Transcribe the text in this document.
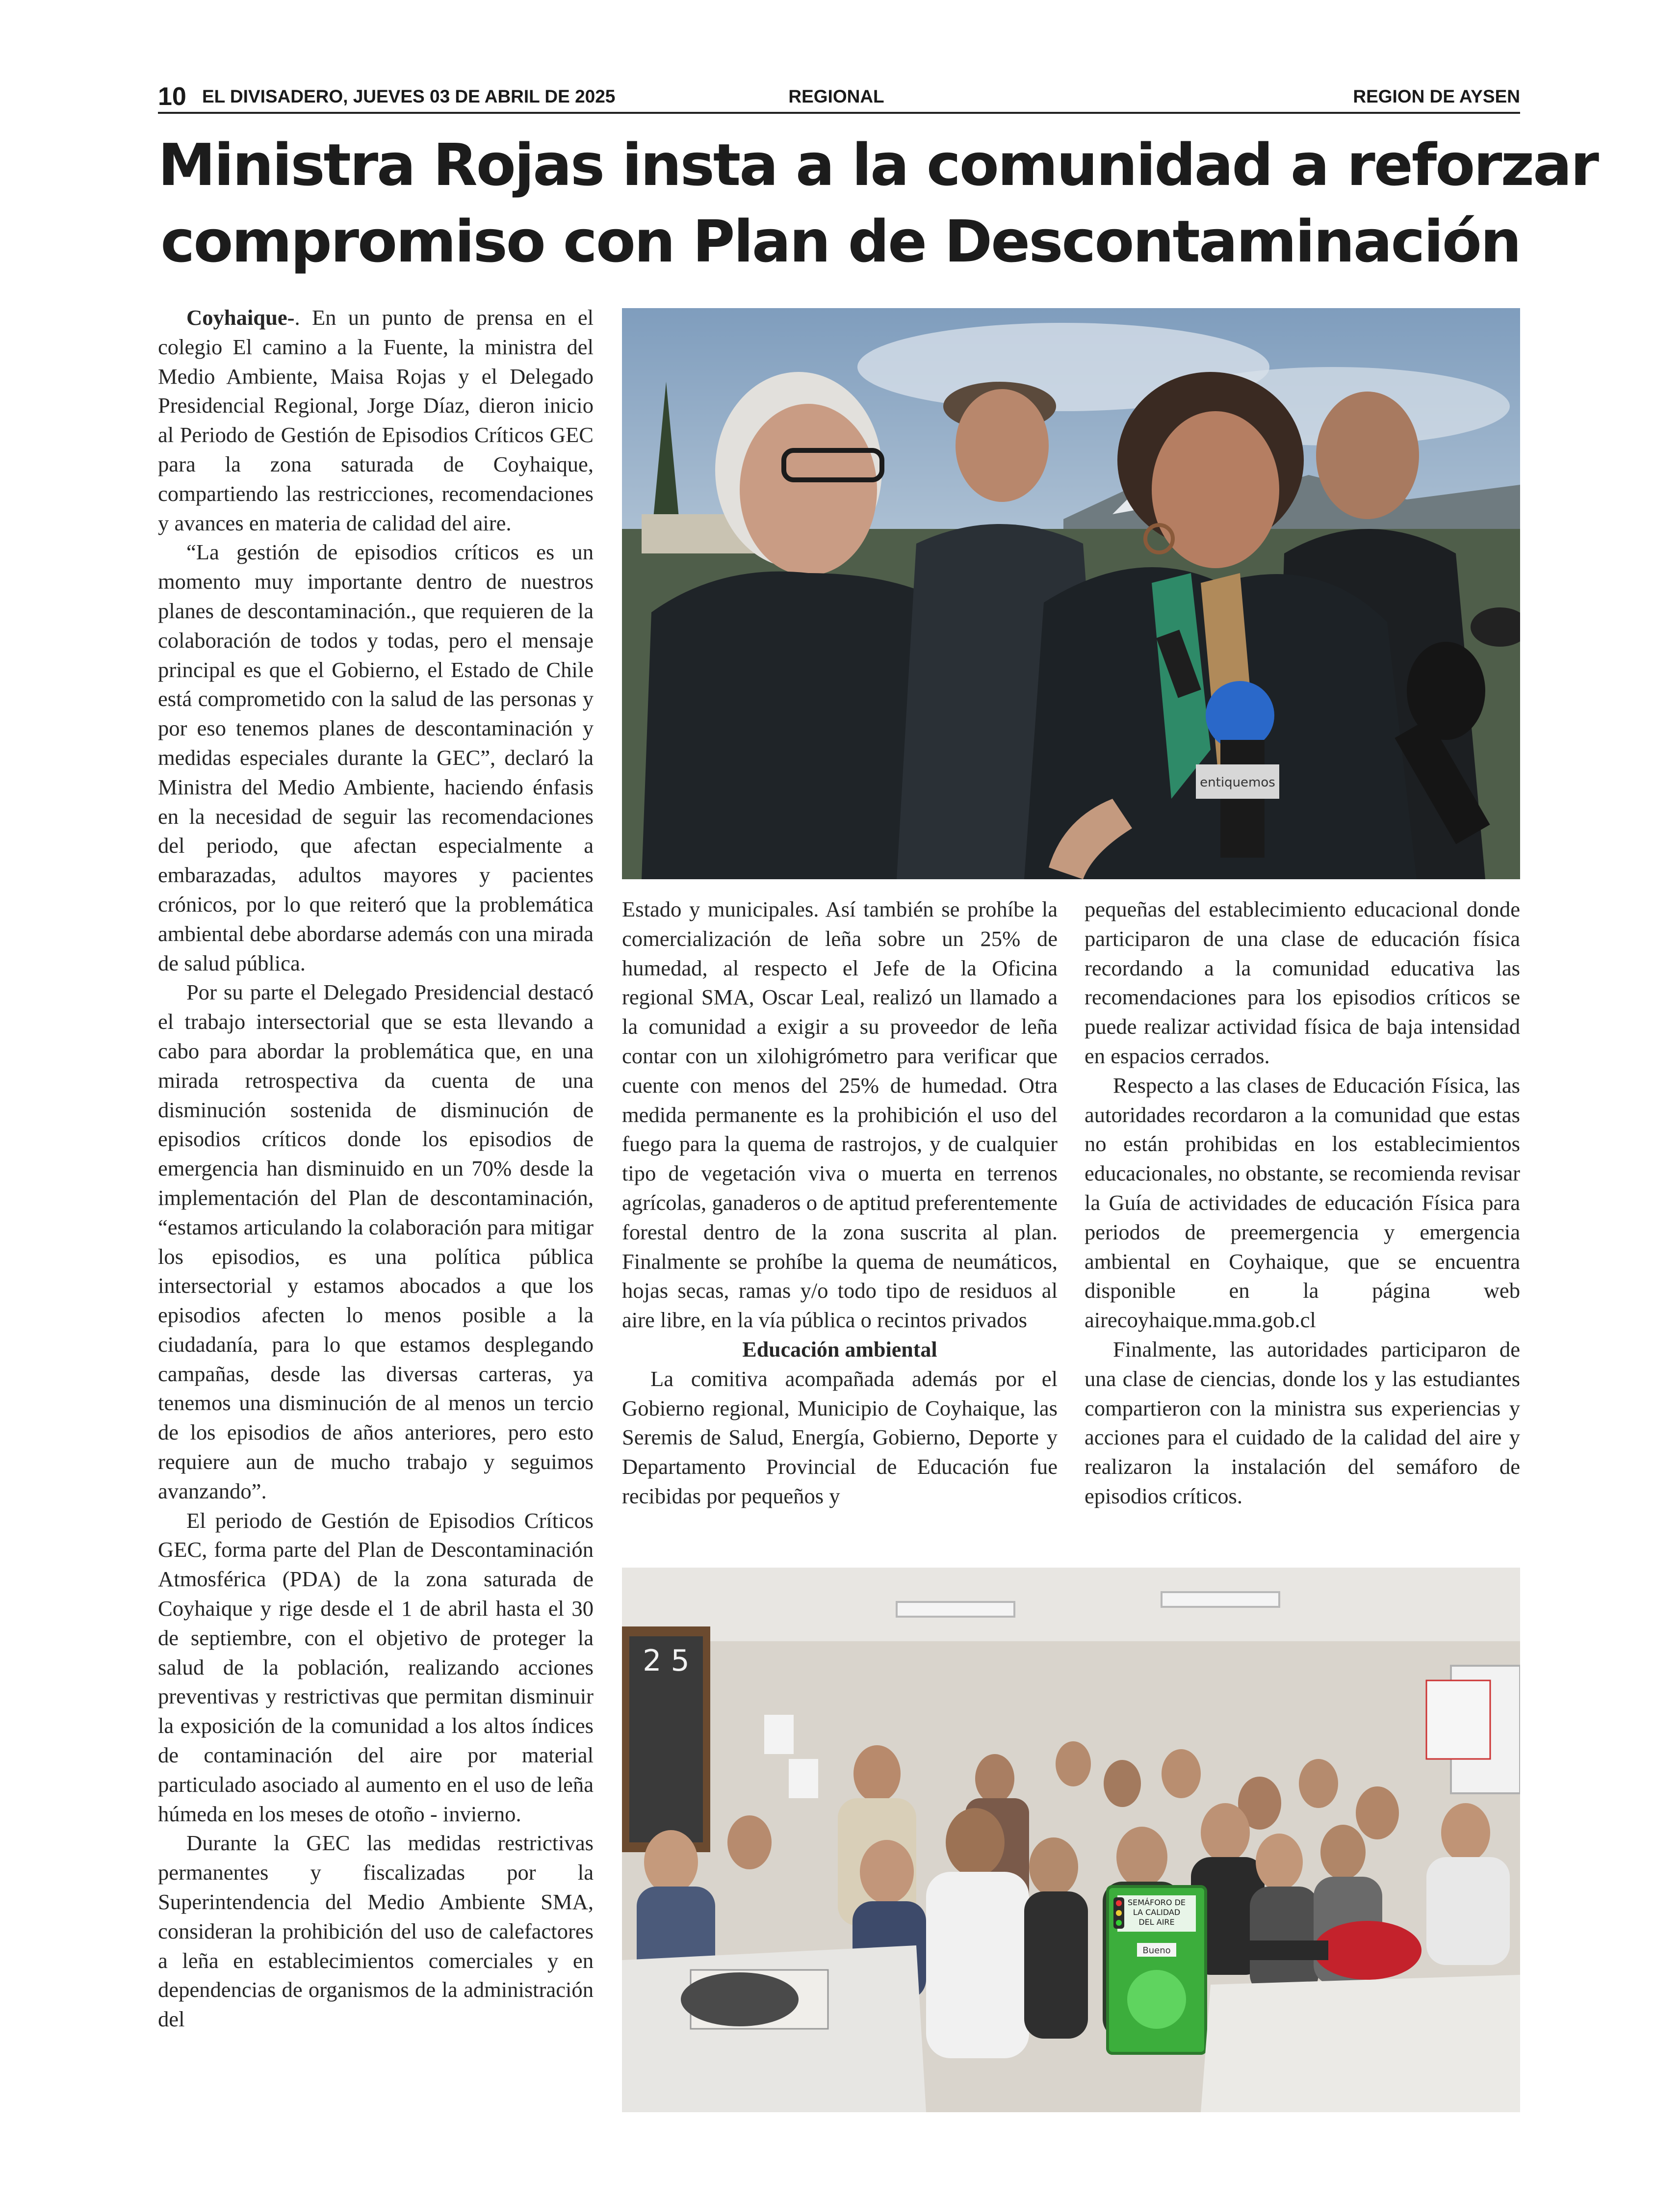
10 EL DIVISADERO, JUEVES 03 DE ABRIL DE 2025	REGIONAL	REGION DE AYSEN
Ministra Rojas insta a la comunidad a reforzar
compromiso con Plan de Descontaminación

Coyhaique-. En un punto de prensa en el colegio El camino a la Fuente, la ministra del Medio Ambiente, Maisa Rojas y el Delegado Presidencial Regional, Jorge Díaz, dieron inicio al Periodo de Gestión de Episodios Críticos GEC para la zona saturada de Coyhaique, compartiendo las restricciones, recomendaciones y avances en materia de calidad del aire.

“La gestión de episodios críticos es un momento muy importante dentro de nuestros planes de descontaminación., que requieren de la colaboración de todos y todas, pero el mensaje principal es que el Gobierno, el Estado de Chile está comprometido con la salud de las personas y por eso tenemos planes de descontaminación y medidas especiales durante la GEC”, declaró la Ministra del Medio Ambiente, haciendo énfasis en la necesidad de seguir las recomendaciones del periodo, que afectan especialmente a embarazadas, adultos mayores y pacientes crónicos, por lo que reiteró que la problemática ambiental debe abordarse además con una mirada de salud pública.

Por su parte el Delegado Presidencial destacó el trabajo intersectorial que se esta llevando a cabo para abordar la problemática que, en una mirada retrospectiva da cuenta de una disminución sostenida de disminución de episodios críticos donde los episodios de emergencia han disminuido en un 70% desde la implementación del Plan de descontaminación, “estamos articulando la colaboración para mitigar los episodios, es una política pública intersectorial y estamos abocados a que los episodios afecten lo menos posible a la ciudadanía, para lo que estamos desplegando campañas, desde las diversas carteras, ya tenemos una disminución de al menos un tercio de los episodios de años anteriores, pero esto requiere aun de mucho trabajo y seguimos avanzando”.

El periodo de Gestión de Episodios Críticos GEC, forma parte del Plan de Descontaminación Atmosférica (PDA) de la zona saturada de Coyhaique y rige desde el 1 de abril hasta el 30 de septiembre, con el objetivo de proteger la salud de la población, realizando acciones preventivas y restrictivas que permitan disminuir la exposición de la comunidad a los altos índices de contaminación del aire por material particulado asociado al aumento en el uso de leña húmeda en los meses de otoño - invierno.

Durante la GEC las medidas restrictivas permanentes y fiscalizadas por la Superintendencia del Medio Ambiente SMA, consideran la prohibición del uso de calefactores a leña en establecimientos comerciales y en dependencias de organismos de la administración del

Estado y municipales. Así también se prohíbe la comercialización de leña sobre un 25% de humedad, al respecto el Jefe de la Oficina regional SMA, Oscar Leal, realizó un llamado a la comunidad a exigir a su proveedor de leña contar con un xilohigrómetro para verificar que cuente con menos del 25% de humedad. Otra medida permanente es la prohibición el uso del fuego para la quema de rastrojos, y de cualquier tipo de vegetación viva o muerta en terrenos agrícolas, ganaderos o de aptitud preferentemente forestal dentro de la zona suscrita al plan. Finalmente se prohíbe la quema de neumáticos, hojas secas, ramas y/o todo tipo de residuos al aire libre, en la vía pública o recintos privados

Educación ambiental

La comitiva acompañada además por el Gobierno regional, Municipio de Coyhaique, las Seremis de Salud, Energía, Gobierno, Deporte y Departamento Provincial de Educación fue recibidas por pequeños y

pequeñas del establecimiento educacional donde participaron de una clase de educación física recordando a la comunidad educativa las recomendaciones para los episodios críticos se puede realizar actividad física de baja intensidad en espacios cerrados.

Respecto a las clases de Educación Física, las autoridades recordaron a la comunidad que estas no están prohibidas en los establecimientos educacionales, no obstante, se recomienda revisar la Guía de actividades de educación Física para periodos de preemergencia y emergencia ambiental en Coyhaique, que se encuentra disponible en la página web airecoyhaique.mma.gob.cl

Finalmente, las autoridades participaron de una clase de ciencias, donde los y las estudiantes compartieron con la ministra sus experiencias y acciones para el cuidado de la calidad del aire y realizaron la instalación del semáforo de episodios críticos.

entiquemos
2 5
SEMÁFORO DE
LA CALIDAD
DEL AIRE
Bueno
